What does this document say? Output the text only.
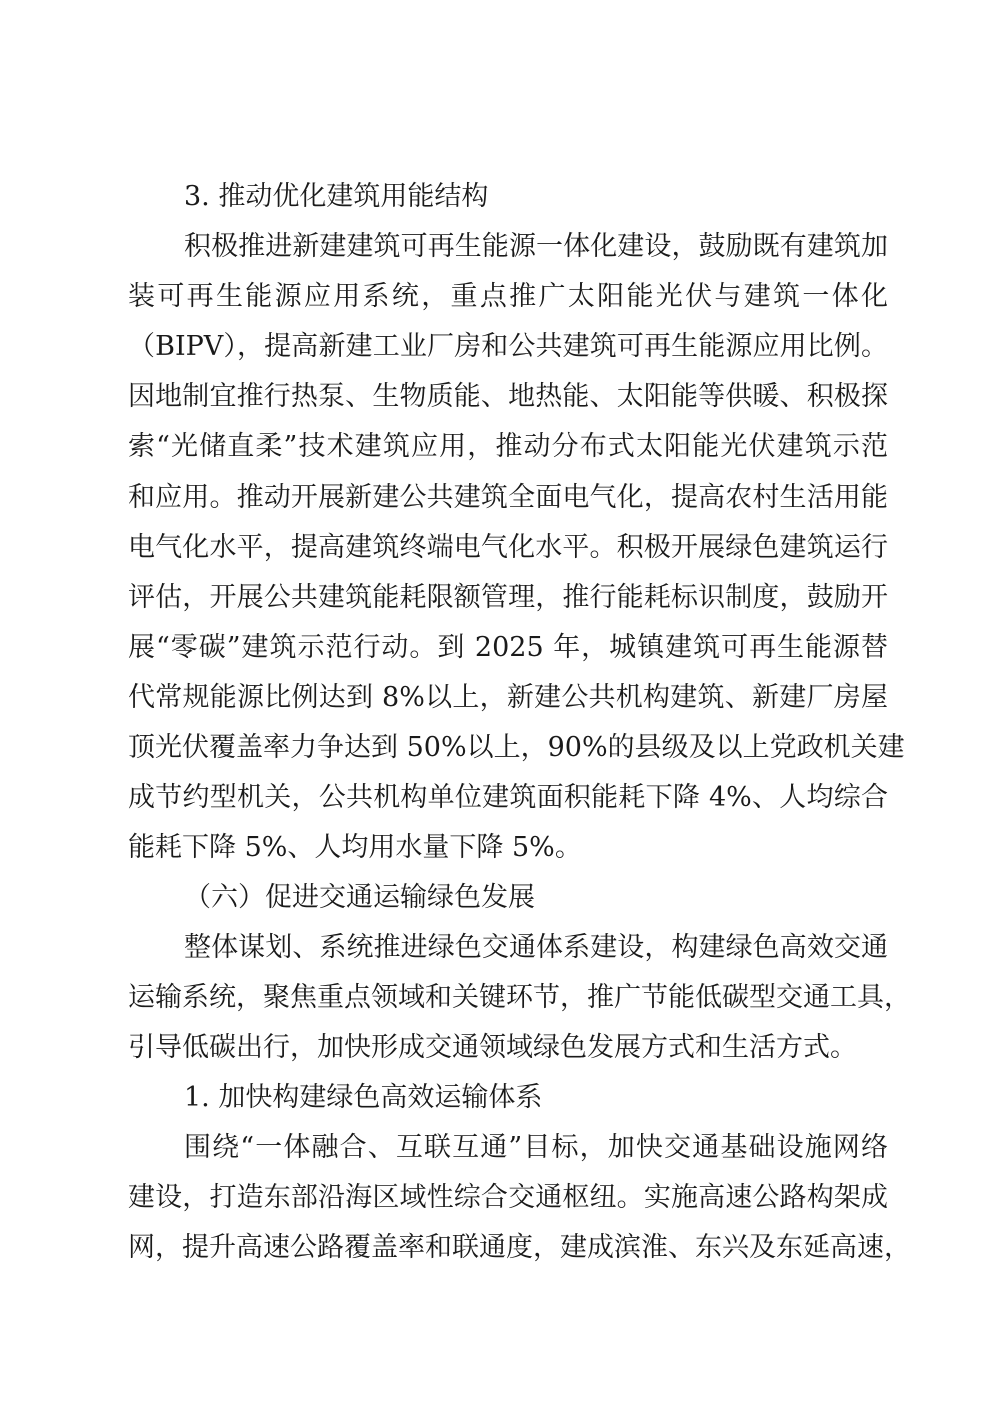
3. 推动优化建筑用能结构
积极推进新建建筑可再生能源一体化建设，鼓励既有建筑加
装可再生能源应用系统，重点推广太阳能光伏与建筑一体化
（BIPV），提高新建工业厂房和公共建筑可再生能源应用比例。
因地制宜推行热泵、生物质能、地热能、太阳能等供暖、积极探
索“光储直柔”技术建筑应用，推动分布式太阳能光伏建筑示范
和应用。推动开展新建公共建筑全面电气化，提高农村生活用能
电气化水平，提高建筑终端电气化水平。积极开展绿色建筑运行
评估，开展公共建筑能耗限额管理，推行能耗标识制度，鼓励开
展“零碳”建筑示范行动。到 2025 年，城镇建筑可再生能源替
代常规能源比例达到 8%以上，新建公共机构建筑、新建厂房屋
顶光伏覆盖率力争达到 50%以上，90%的县级及以上党政机关建
成节约型机关，公共机构单位建筑面积能耗下降 4%、人均综合
能耗下降 5%、人均用水量下降 5%。
（六）促进交通运输绿色发展
整体谋划、系统推进绿色交通体系建设，构建绿色高效交通
运输系统，聚焦重点领域和关键环节，推广节能低碳型交通工具，
引导低碳出行，加快形成交通领域绿色发展方式和生活方式。
1. 加快构建绿色高效运输体系
围绕“一体融合、互联互通”目标，加快交通基础设施网络
建设，打造东部沿海区域性综合交通枢纽。实施高速公路构架成
网，提升高速公路覆盖率和联通度，建成滨淮、东兴及东延高速，
